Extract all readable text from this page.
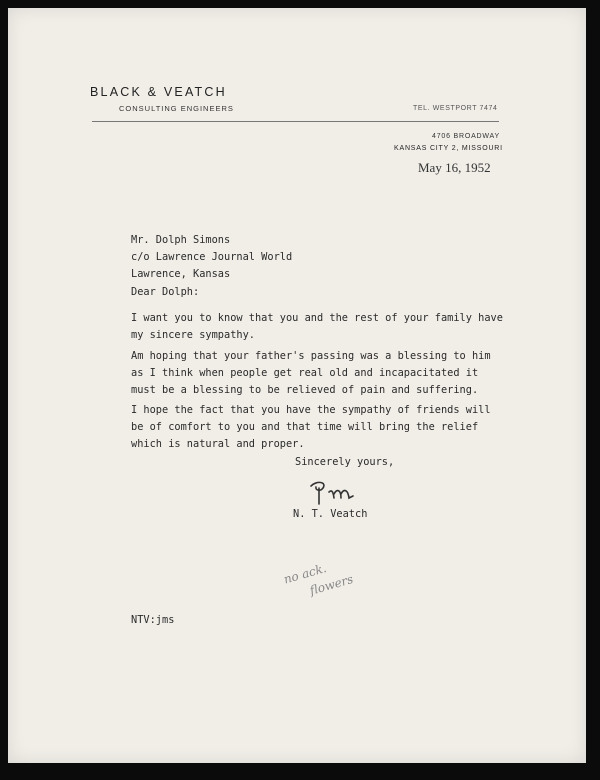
BLACK & VEATCH
CONSULTING ENGINEERS	TEL. WESTPORT 7474
4706 BROADWAY
KANSAS CITY 2, MISSOURI
May 16, 1952
Mr. Dolph Simons
c/o Lawrence Journal World
Lawrence, Kansas
Dear Dolph:
I want you to know that you and the rest of your family have
my sincere sympathy.
Am hoping that your father's passing was a blessing to him
as I think when people get real old and incapacitated it
must be a blessing to be relieved of pain and suffering.
I hope the fact that you have the sympathy of friends will
be of comfort to you and that time will bring the relief
which is natural and proper.
Sincerely yours,
N. T. Veatch
no ack.
flowers
NTV:jms
